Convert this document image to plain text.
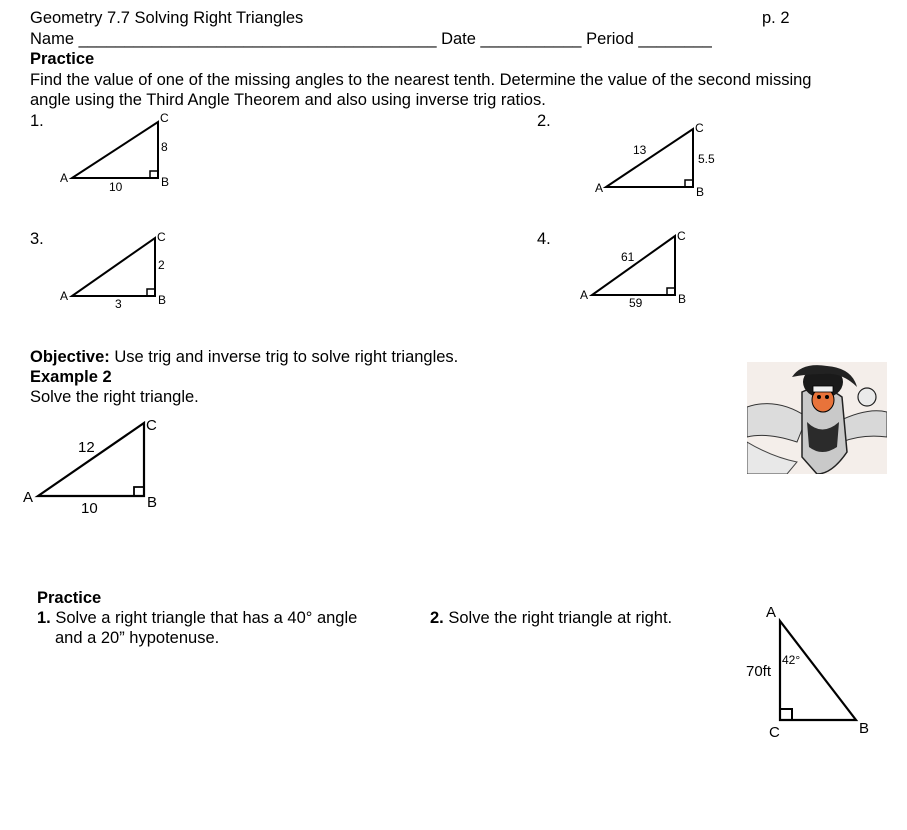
Geometry 7.7 Solving Right Triangles	p. 2
Name _______________________________________ Date ___________ Period ________
Practice
Find the value of one of the missing angles to the nearest tenth. Determine the value of the second missing
angle using the Third Angle Theorem and also using inverse trig ratios.
1.	2.
3.	4.
A	B
C
10
8
A	B
C
13
5.5
A	B
C
3
2
A	B
C
61
59
A	B
C
12
10
A
B
C
70ft
42°
Objective: Use trig and inverse trig to solve right triangles.
Example 2
Solve the right triangle.
Practice
1. Solve a right triangle that has a 40° angle
and a 20” hypotenuse.
2. Solve the right triangle at right.
